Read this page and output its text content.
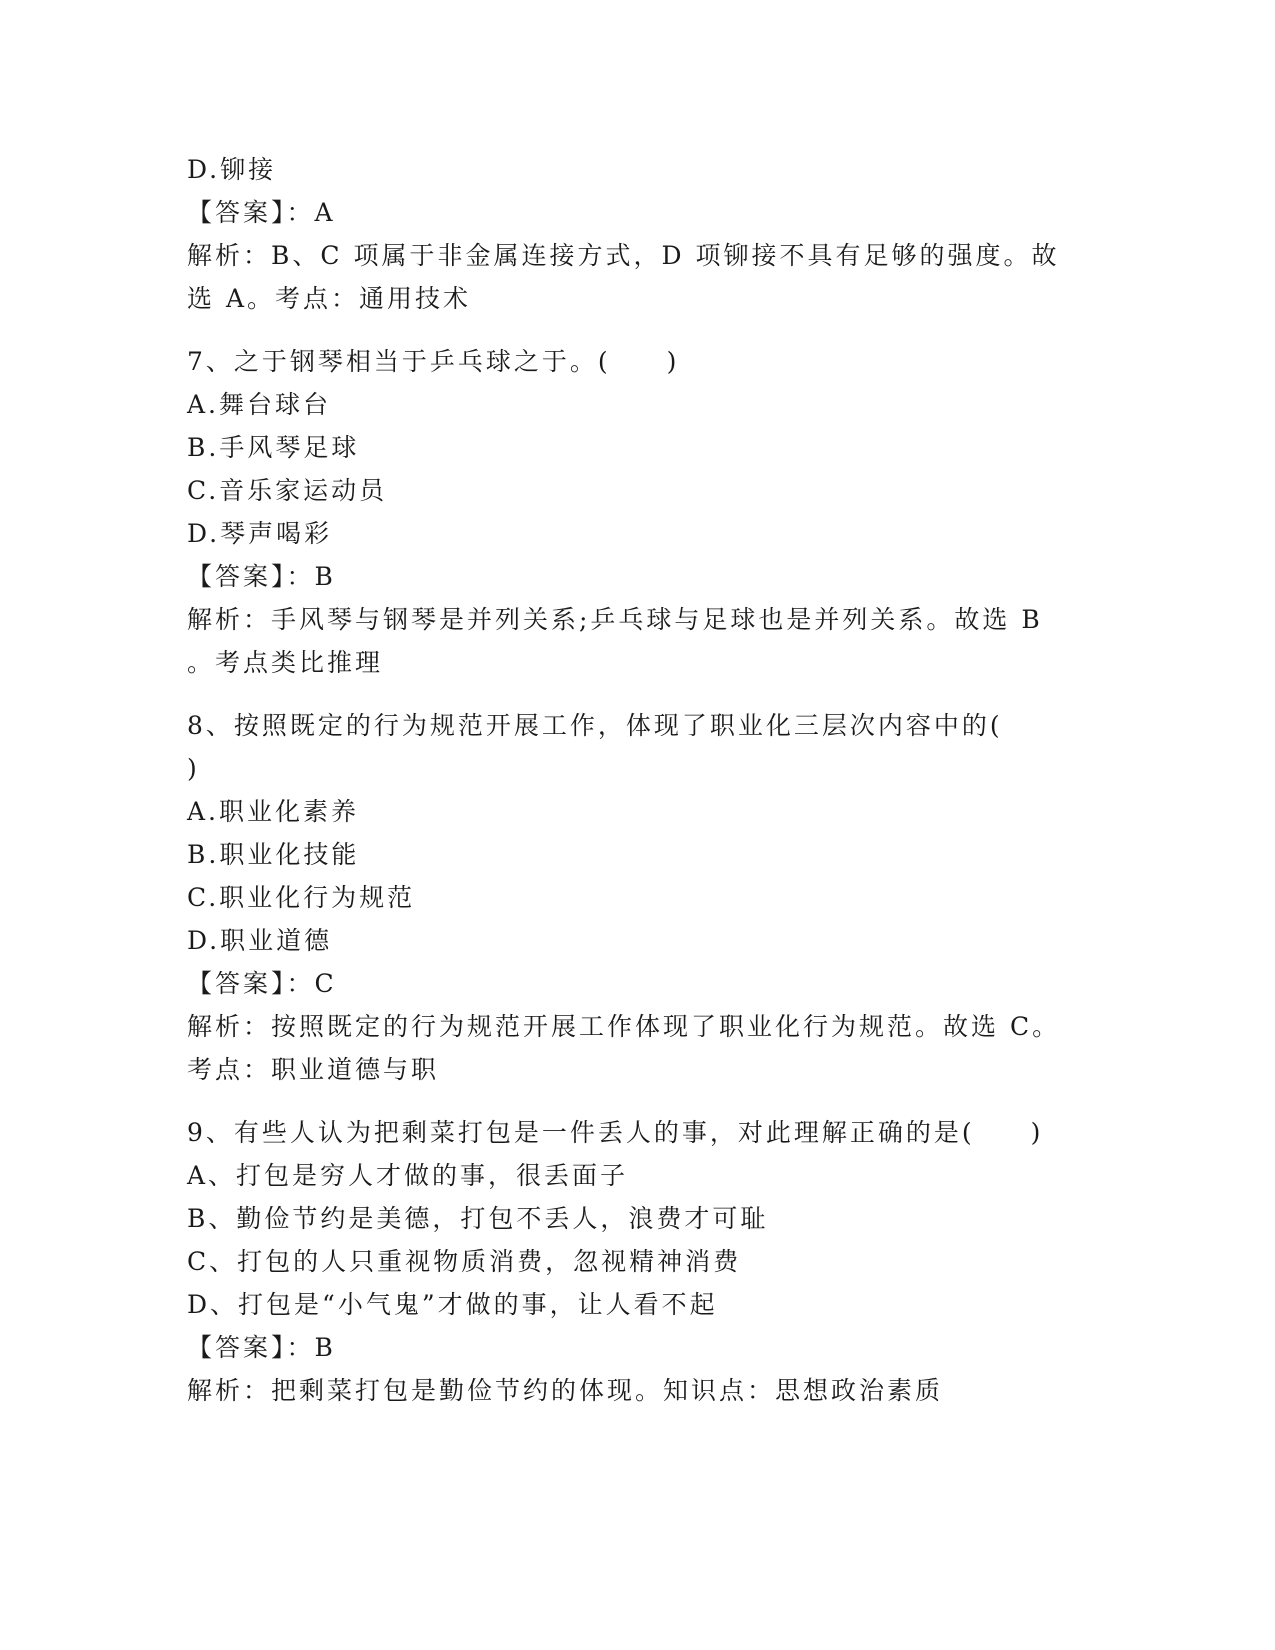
D.铆接
【答案】：A
解析：B、C 项属于非金属连接方式，D 项铆接不具有足够的强度。故
选 A。考点：通用技术
7、之于钢琴相当于乒乓球之于。(　　)
A.舞台球台
B.手风琴足球
C.音乐家运动员
D.琴声喝彩
【答案】：B
解析：手风琴与钢琴是并列关系;乒乓球与足球也是并列关系。故选 B
。考点类比推理
8、按照既定的行为规范开展工作，体现了职业化三层次内容中的(
)
A.职业化素养
B.职业化技能
C.职业化行为规范
D.职业道德
【答案】：C
解析：按照既定的行为规范开展工作体现了职业化行为规范。故选 C。
考点：职业道德与职
9、有些人认为把剩菜打包是一件丢人的事，对此理解正确的是(　　)
A、打包是穷人才做的事，很丢面子
B、勤俭节约是美德，打包不丢人，浪费才可耻
C、打包的人只重视物质消费，忽视精神消费
D、打包是“小气鬼”才做的事，让人看不起
【答案】：B
解析：把剩菜打包是勤俭节约的体现。知识点：思想政治素质
